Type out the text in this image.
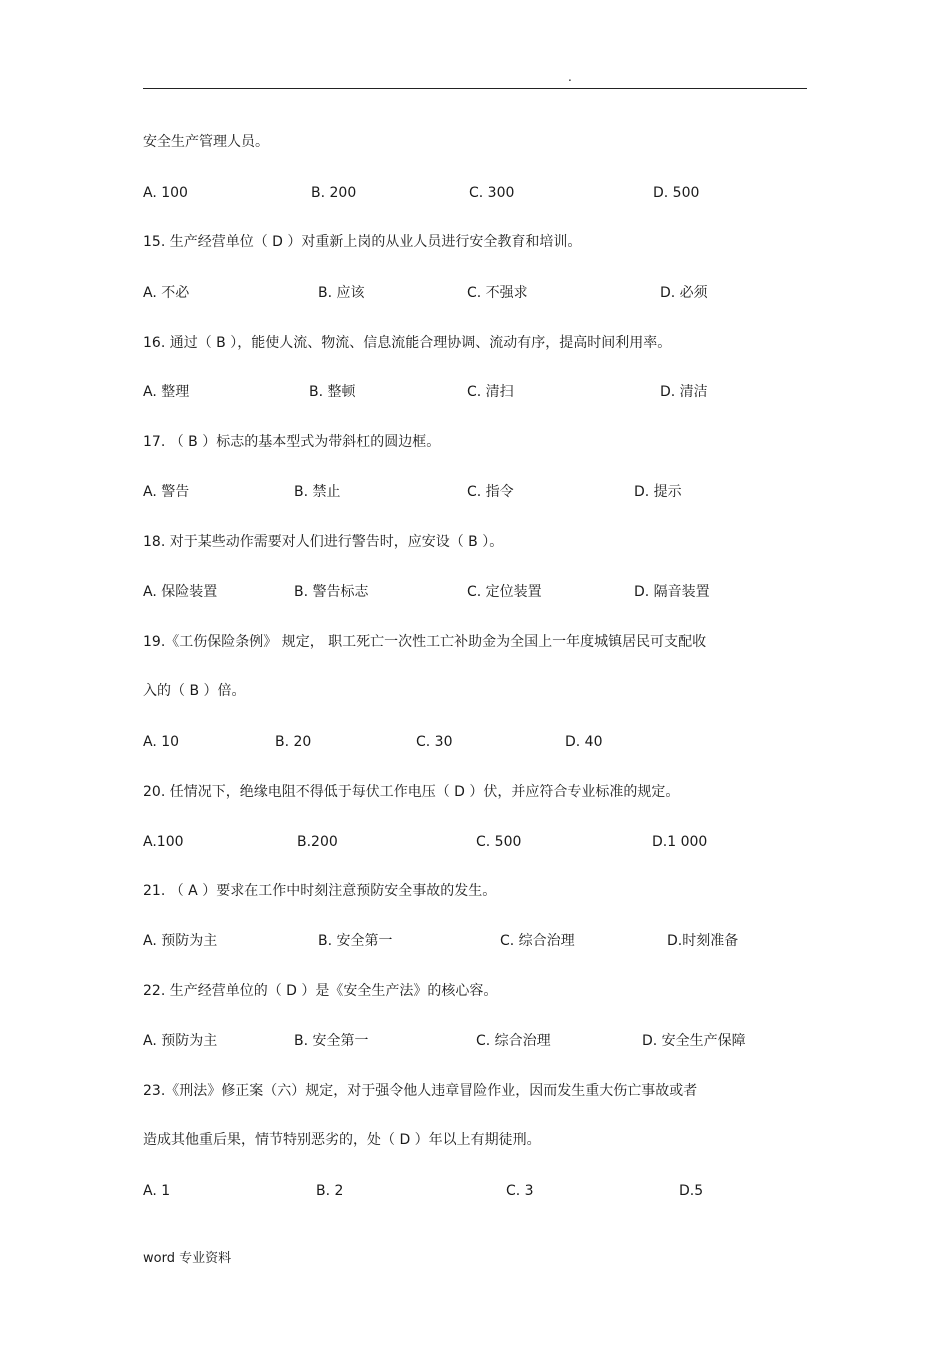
.
安全生产管理人员。
A. 100	B. 200	C. 300	D. 500
15. 生产经营单位（ D ）对重新上岗的从业人员进行安全教育和培训。
A. 不必	B. 应该	C. 不强求	D. 必须
16. 通过（ B ），能使人流、物流、信息流能合理协调、流动有序，提高时间利用率。
A. 整理	B. 整顿	C. 清扫	D. 清洁
17. （ B ）标志的基本型式为带斜杠的圆边框。
A. 警告	B. 禁止	C. 指令	D. 提示
18. 对于某些动作需要对人们进行警告时，应安设（ B ）。
A. 保险装置	B. 警告标志	C. 定位装置	D. 隔音装置
19.《工伤保险条例》 规定， 职工死亡一次性工亡补助金为全国上一年度城镇居民可支配收
入的（ B ）倍。
A. 10	B. 20	C. 30	D. 40
20. 任情况下，绝缘电阻不得低于每伏工作电压（ D ）伏，并应符合专业标准的规定。
A.100	B.200	C. 500	D.1 000
21. （ A ）要求在工作中时刻注意预防安全事故的发生。
A. 预防为主	B. 安全第一	C. 综合治理	D.时刻准备
22. 生产经营单位的（ D ）是《安全生产法》的核心容。
A. 预防为主	B. 安全第一	C. 综合治理	D. 安全生产保障
23.《刑法》修正案（六）规定，对于强令他人违章冒险作业，因而发生重大伤亡事故或者
造成其他重后果，情节特别恶劣的，处（ D ）年以上有期徒刑。
A. 1	B. 2	C. 3	D.5
word 专业资料
